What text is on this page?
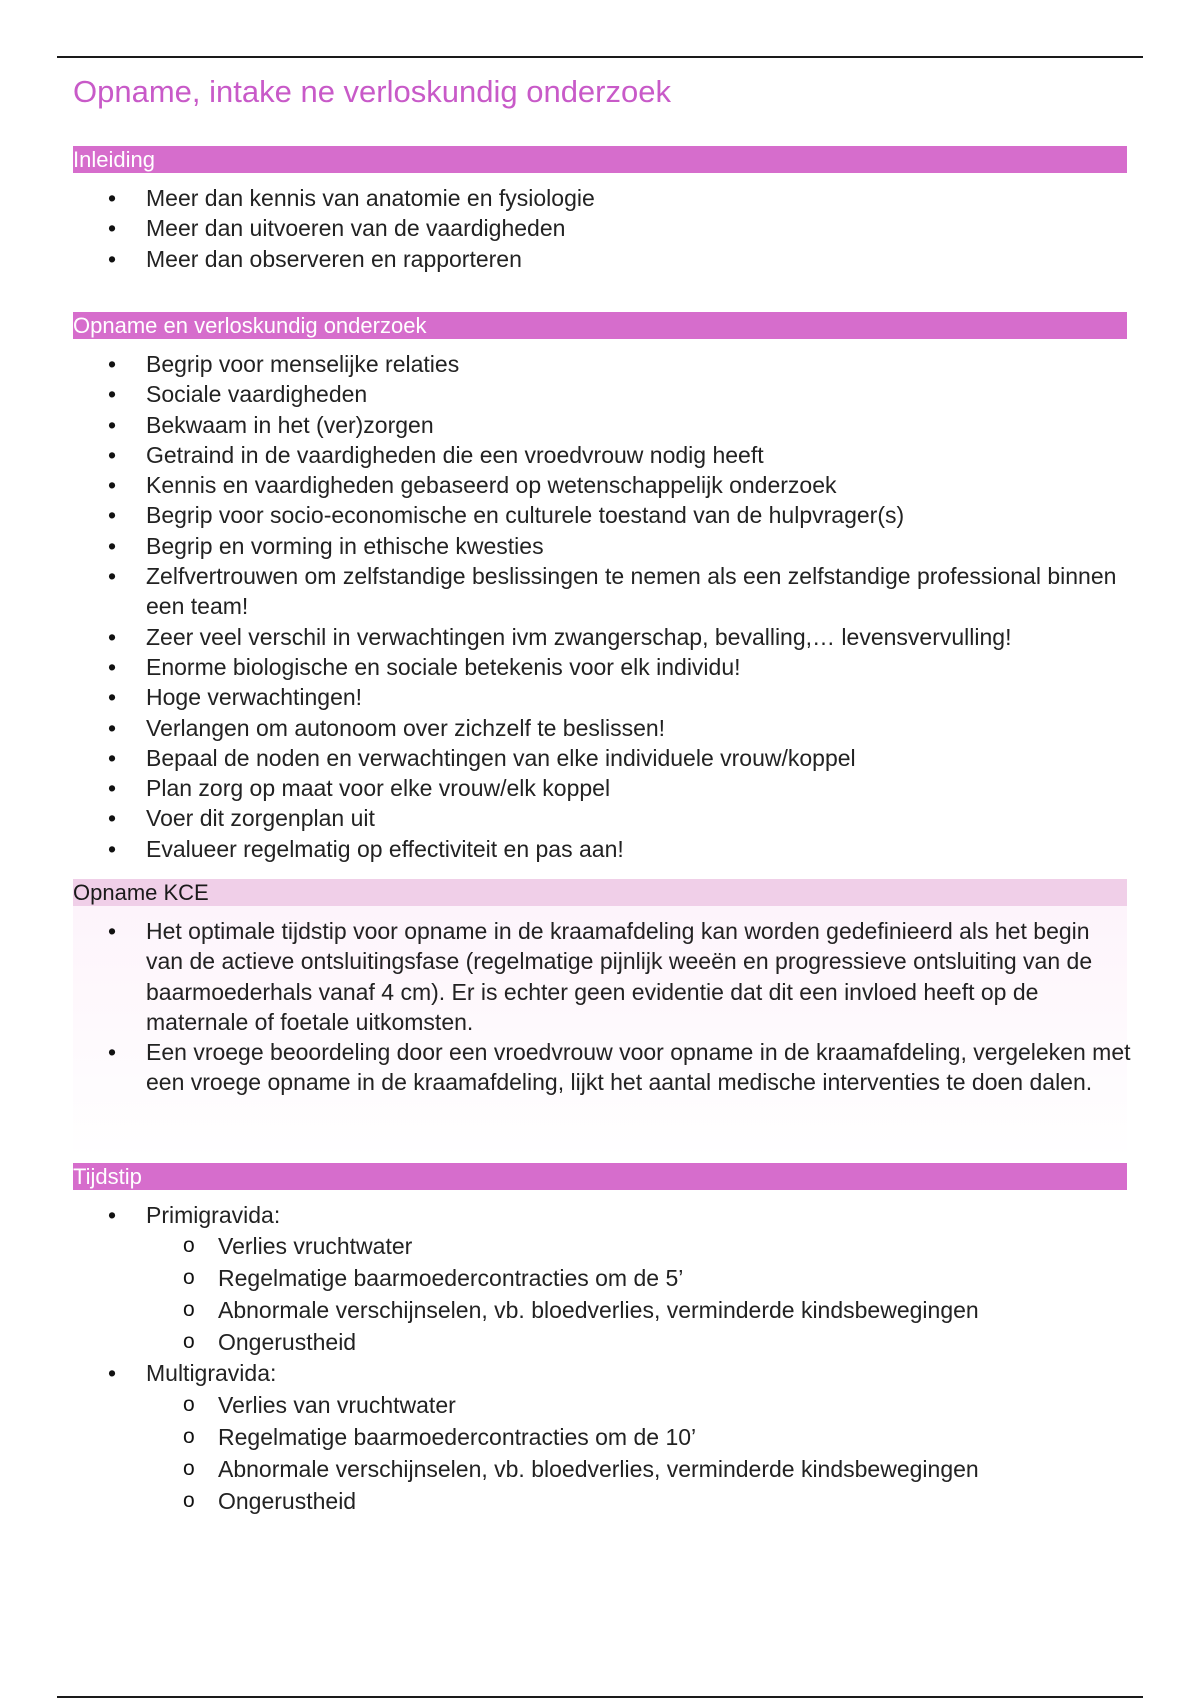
Opname, intake ne verloskundig onderzoek
Inleiding
• Meer dan kennis van anatomie en fysiologie
• Meer dan uitvoeren van de vaardigheden
• Meer dan observeren en rapporteren
Opname en verloskundig onderzoek
• Begrip voor menselijke relaties
• Sociale vaardigheden
• Bekwaam in het (ver)zorgen
• Getraind in de vaardigheden die een vroedvrouw nodig heeft
• Kennis en vaardigheden gebaseerd op wetenschappelijk onderzoek
• Begrip voor socio-economische en culturele toestand van de hulpvrager(s)
• Begrip en vorming in ethische kwesties
• Zelfvertrouwen om zelfstandige beslissingen te nemen als een zelfstandige professional binnen een team!
• Zeer veel verschil in verwachtingen ivm zwangerschap, bevalling,… levensvervulling!
• Enorme biologische en sociale betekenis voor elk individu!
• Hoge verwachtingen!
• Verlangen om autonoom over zichzelf te beslissen!
• Bepaal de noden en verwachtingen van elke individuele vrouw/koppel
• Plan zorg op maat voor elke vrouw/elk koppel
• Voer dit zorgenplan uit
• Evalueer regelmatig op effectiviteit en pas aan!
Opname KCE
• Het optimale tijdstip voor opname in de kraamafdeling kan worden gedefinieerd als het begin van de actieve ontsluitingsfase (regelmatige pijnlijk weeën en progressieve ontsluiting van de baarmoederhals vanaf 4 cm). Er is echter geen evidentie dat dit een invloed heeft op de maternale of foetale uitkomsten.
• Een vroege beoordeling door een vroedvrouw voor opname in de kraamafdeling, vergeleken met een vroege opname in de kraamafdeling, lijkt het aantal medische interventies te doen dalen.
Tijdstip
• Primigravida:
o Verlies vruchtwater
o Regelmatige baarmoedercontracties om de 5’
o Abnormale verschijnselen, vb. bloedverlies, verminderde kindsbewegingen
o Ongerustheid
• Multigravida:
o Verlies van vruchtwater
o Regelmatige baarmoedercontracties om de 10’
o Abnormale verschijnselen, vb. bloedverlies, verminderde kindsbewegingen
o Ongerustheid
